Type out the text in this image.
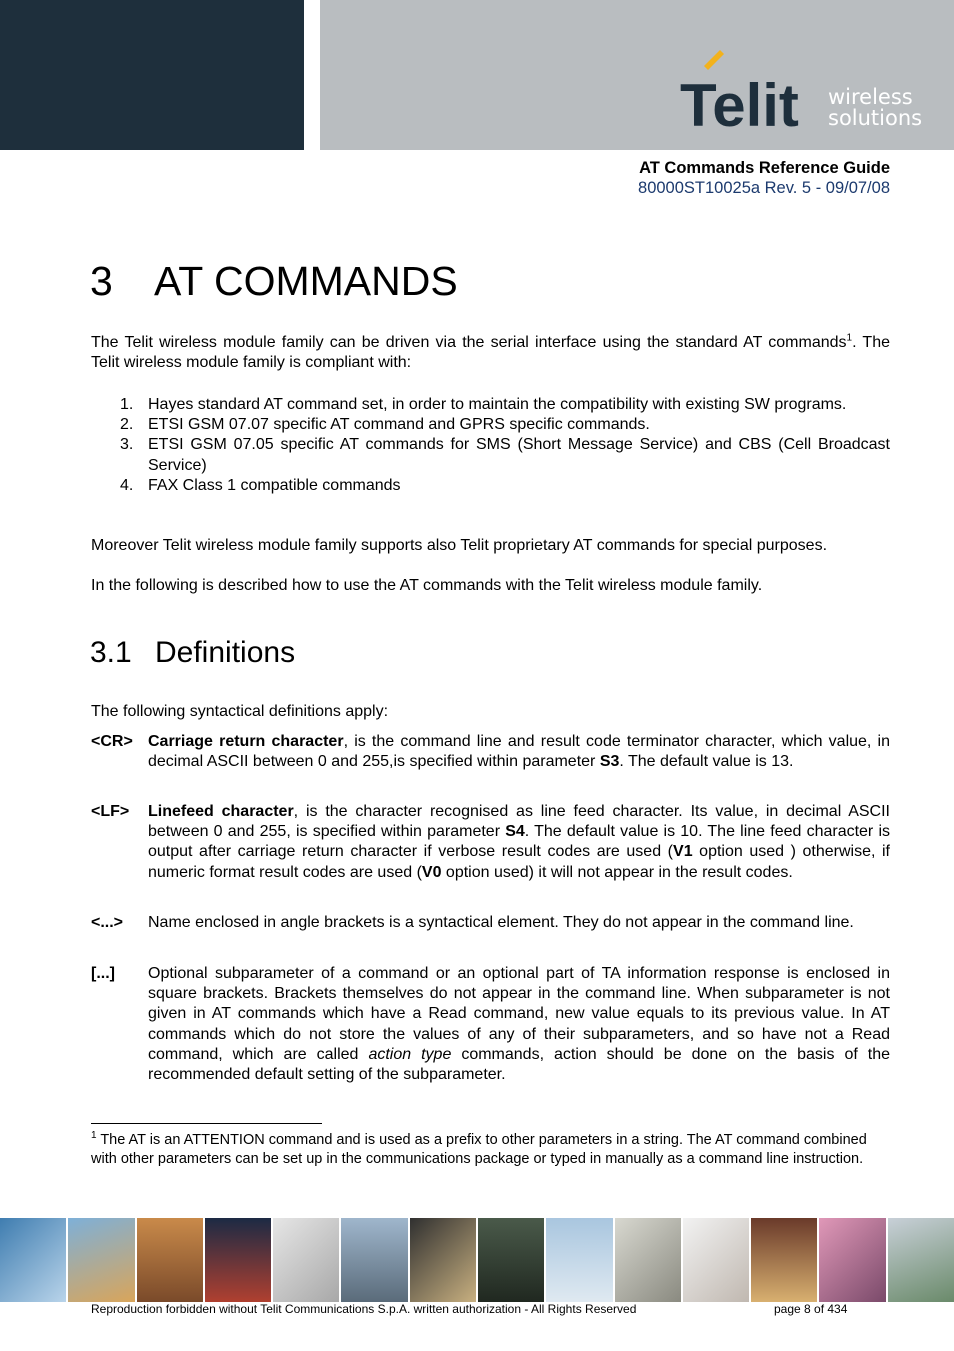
Telit wireless
solutions
AT Commands Reference Guide
80000ST10025a Rev. 5 - 09/07/08
3 AT COMMANDS
The Telit wireless module family can be driven via the serial interface using the standard AT commands$^1$. The Telit wireless module family is compliant with:
1. Hayes standard AT command set, in order to maintain the compatibility with existing SW programs.
2. ETSI GSM 07.07 specific AT command and GPRS specific commands.
3. ETSI GSM 07.05 specific AT commands for SMS (Short Message Service) and CBS (Cell Broadcast Service)
4. FAX Class 1 compatible commands
Moreover Telit wireless module family supports also Telit proprietary AT commands for special purposes.
In the following is described how to use the AT commands with the Telit wireless module family.
3.1 Definitions
The following syntactical definitions apply:
<CR> Carriage return character, is the command line and result code terminator character, which value, in decimal ASCII between 0 and 255,is specified within parameter S3. The default value is 13.
<LF> Linefeed character, is the character recognised as line feed character. Its value, in decimal ASCII between 0 and 255, is specified within parameter S4. The default value is 10. The line feed character is output after carriage return character if verbose result codes are used (V1 option used ) otherwise, if numeric format result codes are used (V0 option used) it will not appear in the result codes.
<...> Name enclosed in angle brackets is a syntactical element. They do not appear in the command line.
[...] Optional subparameter of a command or an optional part of TA information response is enclosed in square brackets. Brackets themselves do not appear in the command line. When subparameter is not given in AT commands which have a Read command, new value equals to its previous value. In AT commands which do not store the values of any of their subparameters, and so have not a Read command, which are called action type commands, action should be done on the basis of the recommended default setting of the subparameter.
$^1$ The AT is an ATTENTION command and is used as a prefix to other parameters in a string. The AT command combined with other parameters can be set up in the communications package or typed in manually as a command line instruction.
Reproduction forbidden without Telit Communications S.p.A. written authorization - All Rights Reserved	page 8 of 434
